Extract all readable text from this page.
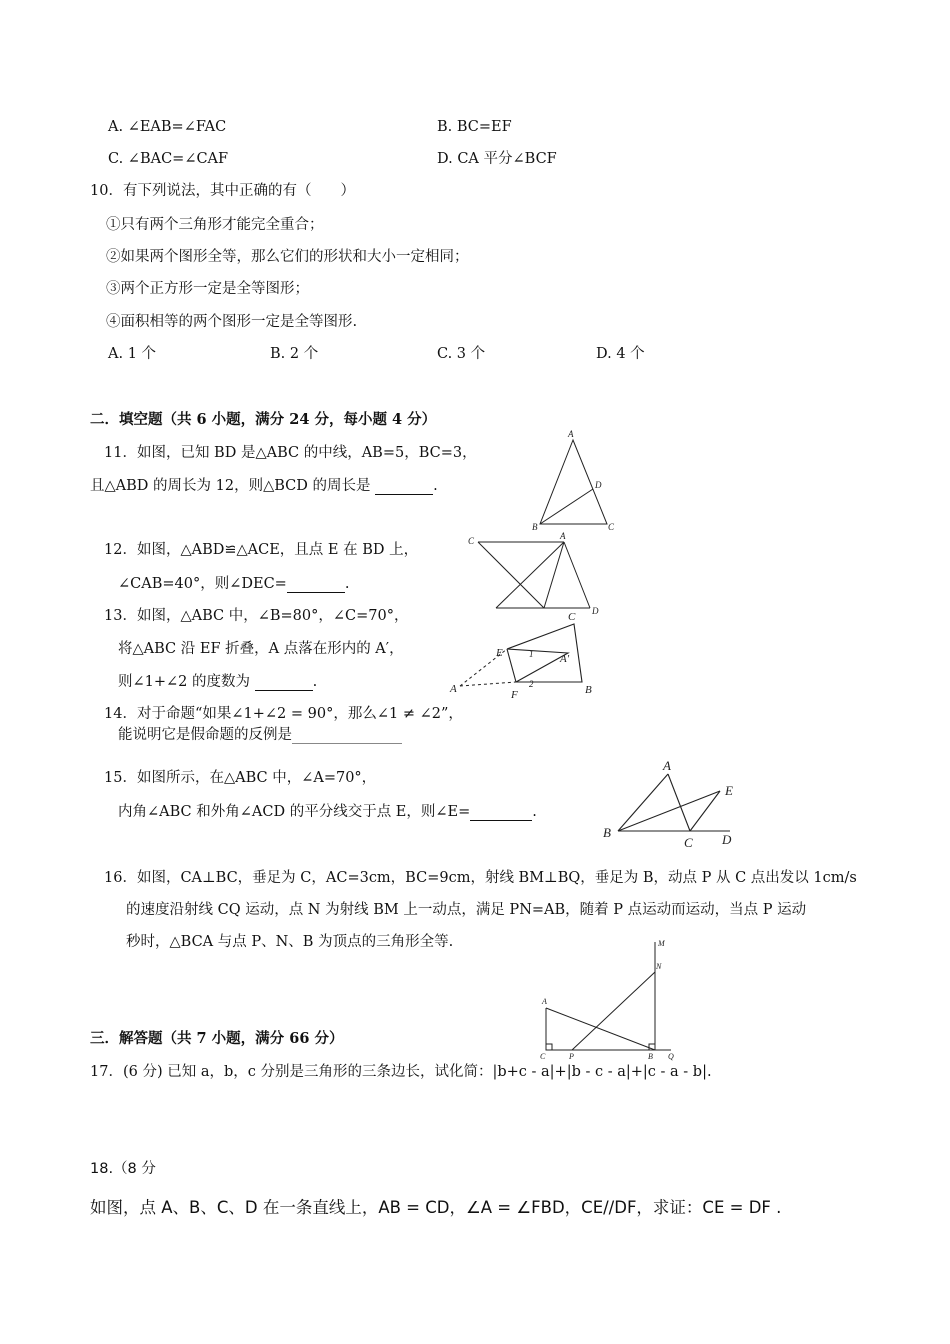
A. ∠EAB=∠FAC	B. BC=EF
C. ∠BAC=∠CAF	D. CA 平分∠BCF
10．有下列说法，其中正确的有（　　）
①只有两个三角形才能完全重合；
②如果两个图形全等，那么它们的形状和大小一定相同；
③两个正方形一定是全等图形；
④面积相等的两个图形一定是全等图形.
A. 1 个	B. 2 个	C. 3 个	D. 4 个
二．填空题（共 6 小题，满分 24 分，每小题 4 分）
11．如图，已知 BD 是△ABC 的中线，AB=5，BC=3，
且△ABD 的周长为 12，则△BCD 的周长是	.
A
B	C
D
12．如图，△ABD≌△ACE，且点 E 在 BD 上，
∠CAB=40°，则∠DEC=	.
C	A
D
13．如图，△ABC 中，∠B=80°，∠C=70°，
将△ABC 沿 EF 折叠，A 点落在形内的 A′，
则∠1+∠2 的度数为	.
C
E	A′
1
A	F
2	B
14．对于命题“如果∠1+∠2 = 90°，那么∠1 ≠ ∠2”，
能说明它是假命题的反例是
15．如图所示，在△ABC 中，∠A=70°，
内角∠ABC 和外角∠ACD 的平分线交于点 E，则∠E=	.
A
E
B
C D
16．如图，CA⊥BC，垂足为 C，AC=3cm，BC=9cm，射线 BM⊥BQ，垂足为 B，动点 P 从 C 点出发以 1cm/s
的速度沿射线 CQ 运动，点 N 为射线 BM 上一动点，满足 PN=AB，随着 P 点运动而运动，当点 P 运动
秒时，△BCA 与点 P、N、B 为顶点的三角形全等.	M
N
A
C	P	B Q
三．解答题（共 7 小题，满分 66 分）
17．(6 分) 已知 a，b，c 分别是三角形的三条边长，试化简：|b+c - a|+|b - c - a|+|c - a - b|.
18.（8 分
如图，点 A、B、C、D 在一条直线上，AB = CD，∠A = ∠FBD，CE//DF，求证：CE = DF .
